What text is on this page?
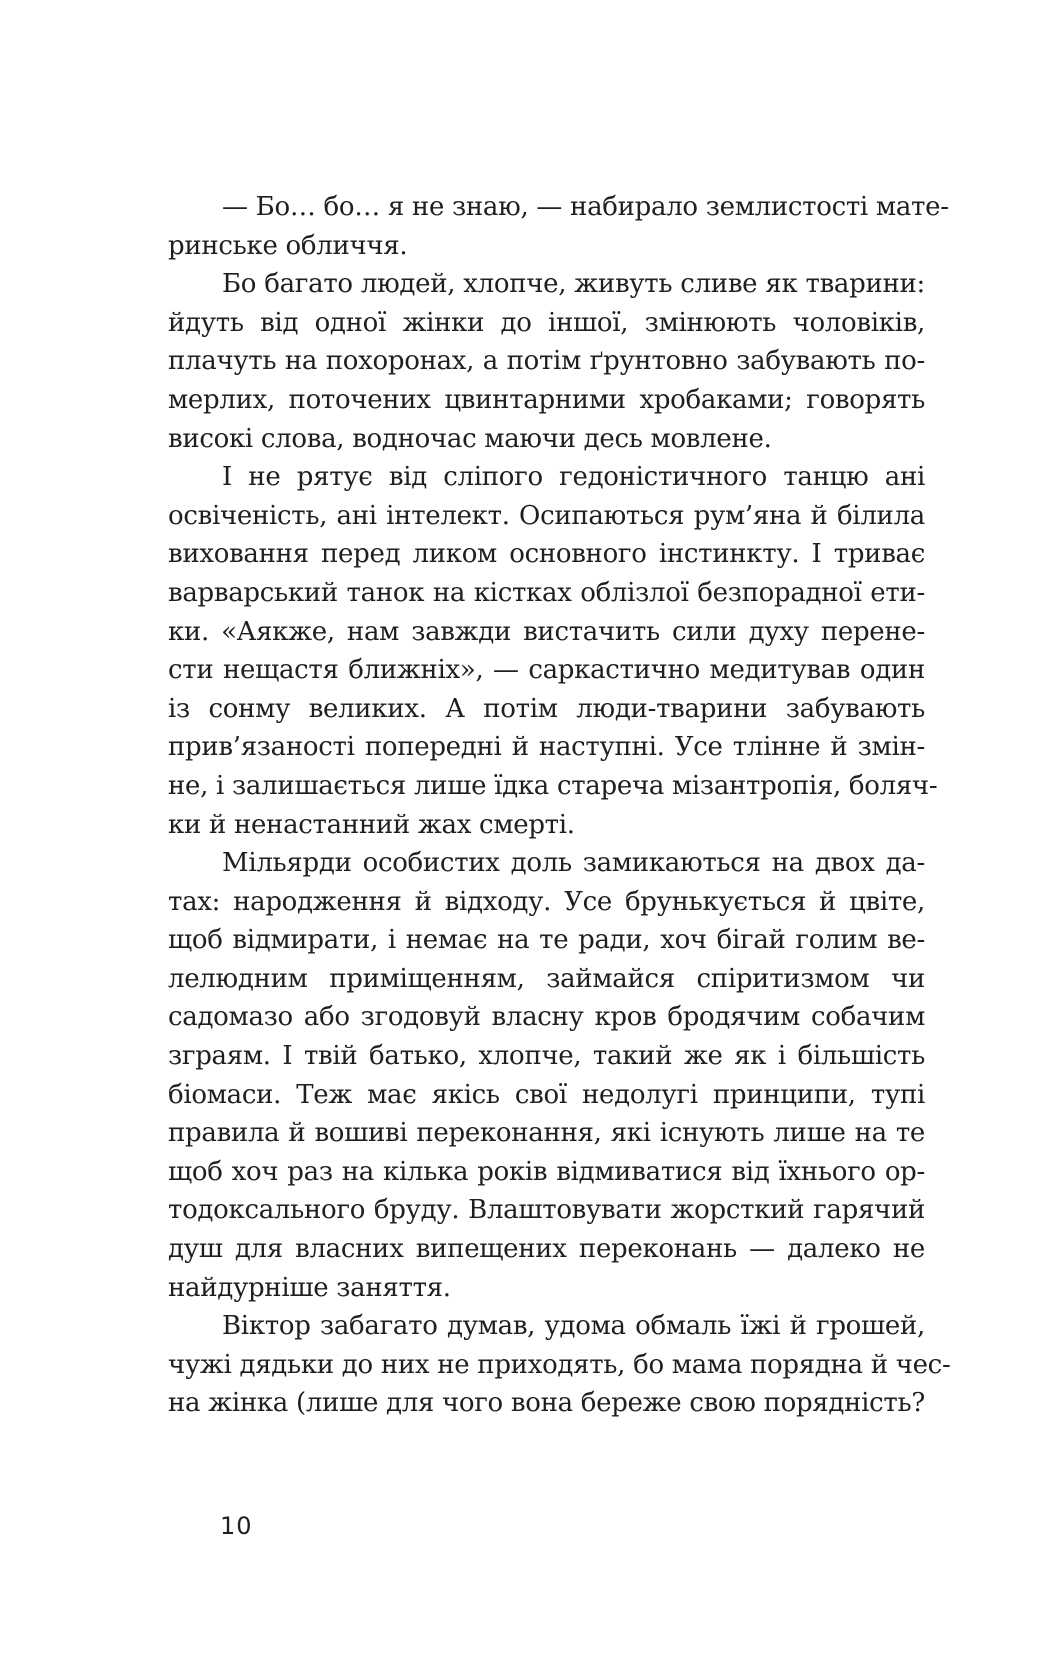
— Бо… бо… я не знаю, — набирало землистості мате-
ринське обличчя.
Бо багато людей, хлопче, живуть сливе як тварини:
йдуть від одної жінки до іншої, змінюють чоловіків,
плачуть на похоронах, а потім ґрунтовно забувають по-
мерлих, поточених цвинтарними хробаками; говорять
високі слова, водночас маючи десь мовлене.
І не рятує від сліпого гедоністичного танцю ані
освіченість, ані інтелект. Осипаються рум’яна й білила
виховання перед ликом основного інстинкту. І триває
варварський танок на кістках облізлої безпорадної ети-
ки. «Аякже, нам завжди вистачить сили духу перене-
сти нещастя ближніх», — саркастично медитував один
із сонму великих. А потім люди-тварини забувають
прив’язаності попередні й наступні. Усе тлінне й змін-
не, і залишається лише їдка стареча мізантропія, боляч-
ки й ненастанний жах смерті.
Мільярди особистих доль замикаються на двох да-
тах: народження й відходу. Усе брунькується й цвіте,
щоб відмирати, і немає на те ради, хоч бігай голим ве-
лелюдним приміщенням, займайся спіритизмом чи
садомазо або згодовуй власну кров бродячим собачим
зграям. І твій батько, хлопче, такий же як і більшість
біомаси. Теж має якісь свої недолугі принципи, тупі
правила й вошиві переконання, які існують лише на те
щоб хоч раз на кілька років відмиватися від їхнього ор-
тодоксального бруду. Влаштовувати жорсткий гарячий
душ для власних випещених переконань — далеко не
найдурніше заняття.
Віктор забагато думав, удома обмаль їжі й грошей,
чужі дядьки до них не приходять, бо мама порядна й чес-
на жінка (лише для чого вона береже свою порядність?
10
